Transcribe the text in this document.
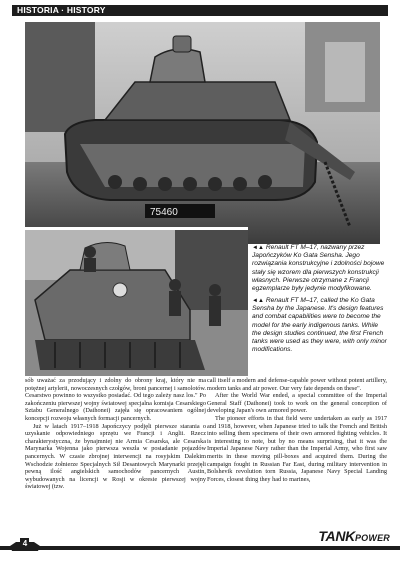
HISTORIA · HISTORY
75460
◄▲ Renault FT M–17, nazwany przez Japończyków Ko Gata Sensha. Jego rozwiązania konstrukcyjne i zdolności bojowe stały się wzorem dla pierwszych konstrukcji własnych. Pierwsze otrzymane z Francji egzemplarze były jedynie modyfikowane.
◄▲ Renault FT M–17, called the Ko Gata Sensha by the Japanese. It's design features and combat capabilities were to become the model for the early indigenous tanks. While the design studies continued, the first French tanks were used as they were, with only minor modifications.

sób uważać za przodujący i zdolny do obrony kraj, który nie ma potężnej artylerii, nowoczesnych czołgów, broni pancernej i samolotów. Cesarstwo powinno to wszystko posiadać. Od tego zależy nasz los." Po zakończeniu pierwszej wojny światowej specjalna komisja Cesarskiego Sztabu Generalnego (Daihonei) zajęła się opracowaniem ogólnej koncepcji rozwoju własnych formacji pancernych.

Już w latach 1917–1918 Japończycy podjęli pierwsze starania o uzyskanie odpowiedniego sprzętu we Francji i Anglii. Rzecz charakterystyczna, że bynajmniej nie Armia Cesarska, ale Cesarska Marynarka Wojenna jako pierwsza weszła w posiadanie pojazdów pancernych. W czasie zbrojnej interwencji na rosyjskim Dalekim Wschodzie żołnierze Specjalnych Sił Desantowych Marynarki przejęli pewną ilość angielskich samochodów pancernych Austin, wybudowanych na licencji w Rosji w okresie pierwszej wojny światowej (tzw.

call itself a modern and defense-capable power without potent artillery, modern tanks and air power. Our very fate depends on these".

After the World War ended, a special committee of the Imperial General Staff (Daihonei) took to work on the general conception of developing Japan's own armored power.

The pioneer efforts in that field were undertaken as early as 1917 and 1918, however, when Japanese tried to talk the French and British into selling them specimens of their own armored fighting vehicles. It is interesting to note, but by no means surprising, that it was the Imperial Japanese Navy rather than the Imperial Army, who first saw merits in these moving pill-boxes and acquired them. During the campaign fought in Russian Far East, during military intervention in Bolshevik revolution torn Russia, Japanese Navy Special Landing Forces, closest thing they had to marines,

4	TANKPOWER
